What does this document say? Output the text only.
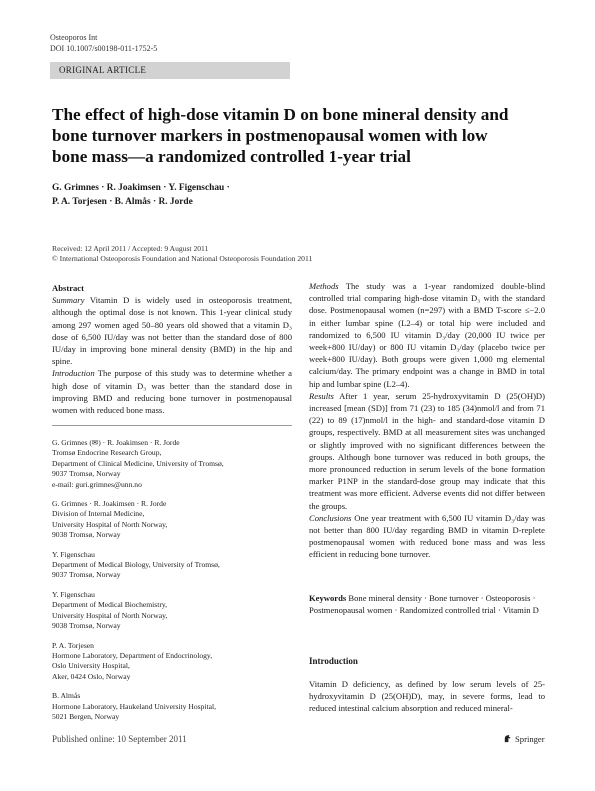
Osteoporos Int
DOI 10.1007/s00198-011-1752-5
ORIGINAL ARTICLE
The effect of high-dose vitamin D on bone mineral density and bone turnover markers in postmenopausal women with low bone mass—a randomized controlled 1-year trial
G. Grimnes · R. Joakimsen · Y. Figenschau ·
P. A. Torjesen · B. Almås · R. Jorde
Received: 12 April 2011 / Accepted: 9 August 2011
© International Osteoporosis Foundation and National Osteoporosis Foundation 2011

Abstract

Summary Vitamin D is widely used in osteoporosis treatment, although the optimal dose is not known. This 1-year clinical study among 297 women aged 50–80 years old showed that a vitamin D₃ dose of 6,500 IU/day was not better than the standard dose of 800 IU/day in improving bone mineral density (BMD) in the hip and spine.

Introduction The purpose of this study was to determine whether a high dose of vitamin D₃ was better than the standard dose in improving BMD and reducing bone turnover in postmenopausal women with reduced bone mass.

G. Grimnes (✉) · R. Joakimsen · R. Jorde
Tromsø Endocrine Research Group,
Department of Clinical Medicine, University of Tromsø,
9037 Tromsø, Norway
e-mail: guri.grimnes@unn.no
G. Grimnes · R. Joakimsen · R. Jorde
Division of Internal Medicine,
University Hospital of North Norway,
9038 Tromsø, Norway
Y. Figenschau
Department of Medical Biology, University of Tromsø,
9037 Tromsø, Norway
Y. Figenschau
Department of Medical Biochemistry,
University Hospital of North Norway,
9038 Tromsø, Norway
P. A. Torjesen
Hormone Laboratory, Department of Endocrinology,
Oslo University Hospital,
Aker, 0424 Oslo, Norway
B. Almås
Hormone Laboratory, Haukeland University Hospital,
5021 Bergen, Norway

Methods The study was a 1-year randomized double-blind controlled trial comparing high-dose vitamin D₃ with the standard dose. Postmenopausal women (n=297) with a BMD T-score ≤−2.0 in either lumbar spine (L2–4) or total hip were included and randomized to 6,500 IU vitamin D₃/day (20,000 IU twice per week+800 IU/day) or 800 IU vitamin D₃/day (placebo twice per week+800 IU/day). Both groups were given 1,000 mg elemental calcium/day. The primary endpoint was a change in BMD in total hip and lumbar spine (L2–4).

Results After 1 year, serum 25-hydroxyvitamin D (25(OH)D) increased [mean (SD)] from 71 (23) to 185 (34)nmol/l and from 71 (22) to 89 (17)nmol/l in the high- and standard-dose vitamin D groups, respectively. BMD at all measurement sites was unchanged or slightly improved with no significant differences between the groups. Although bone turnover was reduced in both groups, the more pronounced reduction in serum levels of the bone formation marker P1NP in the standard-dose group may indicate that this treatment was more efficient. Adverse events did not differ between the groups.

Conclusions One year treatment with 6,500 IU vitamin D₃/day was not better than 800 IU/day regarding BMD in vitamin D-replete postmenopausal women with reduced bone mass and was less efficient in reducing bone turnover.

Keywords Bone mineral density · Bone turnover · Osteoporosis · Postmenopausal women · Randomized controlled trial · Vitamin D
Introduction
Vitamin D deficiency, as defined by low serum levels of 25-hydroxyvitamin D (25(OH)D), may, in severe forms, lead to reduced intestinal calcium absorption and reduced mineral-
Published online: 10 September 2011	Springer
